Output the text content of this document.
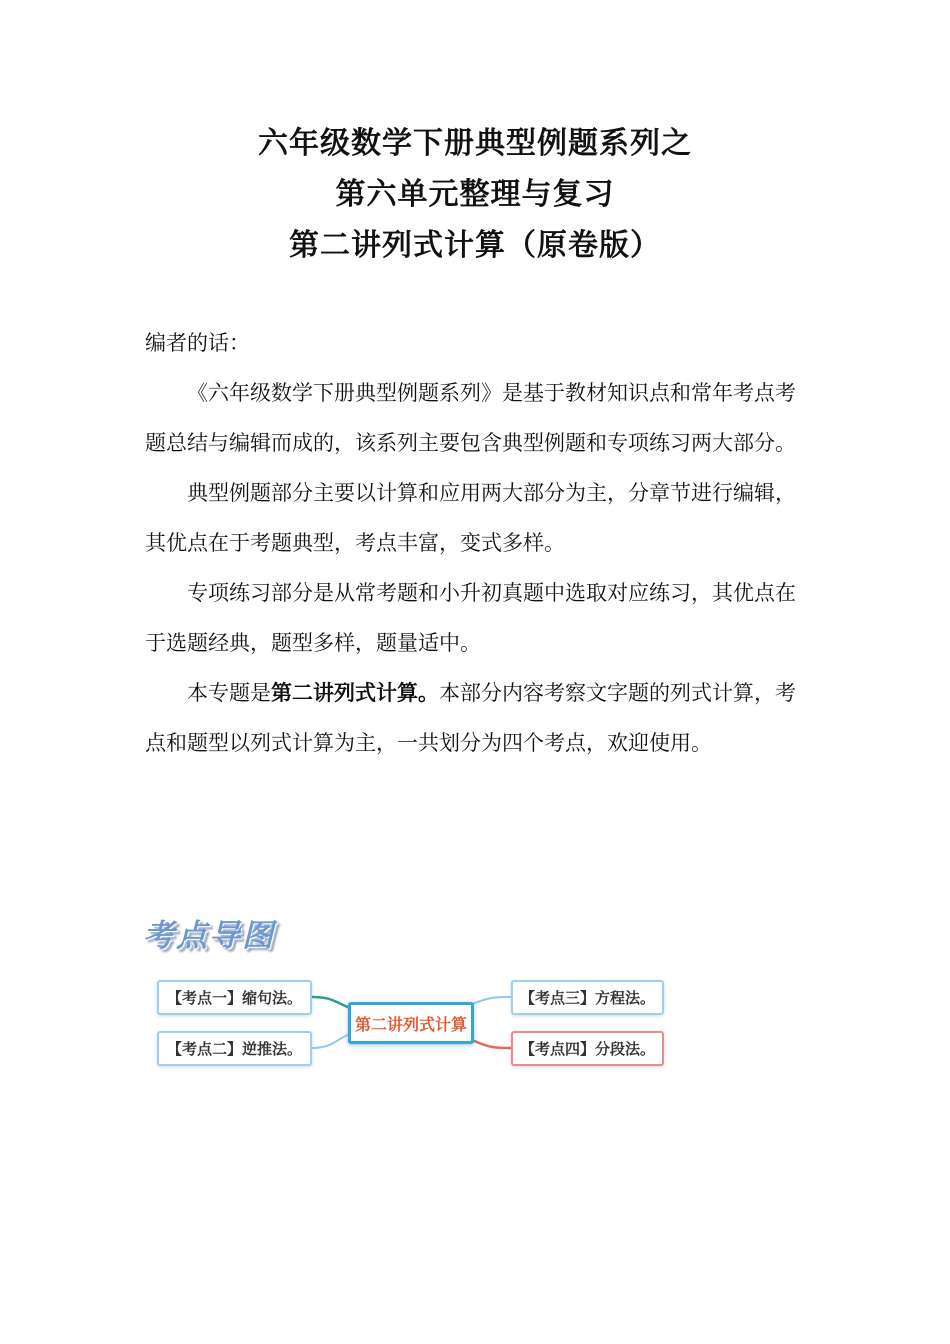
六年级数学下册典型例题系列之
第六单元整理与复习
第二讲列式计算（原卷版）
编者的话：

《六年级数学下册典型例题系列》是基于教材知识点和常年考点考题总结与编辑而成的，该系列主要包含典型例题和专项练习两大部分。

典型例题部分主要以计算和应用两大部分为主，分章节进行编辑，其优点在于考题典型，考点丰富，变式多样。

专项练习部分是从常考题和小升初真题中选取对应练习，其优点在于选题经典，题型多样，题量适中。

本专题是第二讲列式计算。本部分内容考察文字题的列式计算，考点和题型以列式计算为主，一共划分为四个考点，欢迎使用。

考点导图
【考点一】缩句法。
【考点二】逆推法。
第二讲列式计算
【考点三】方程法。
【考点四】分段法。
